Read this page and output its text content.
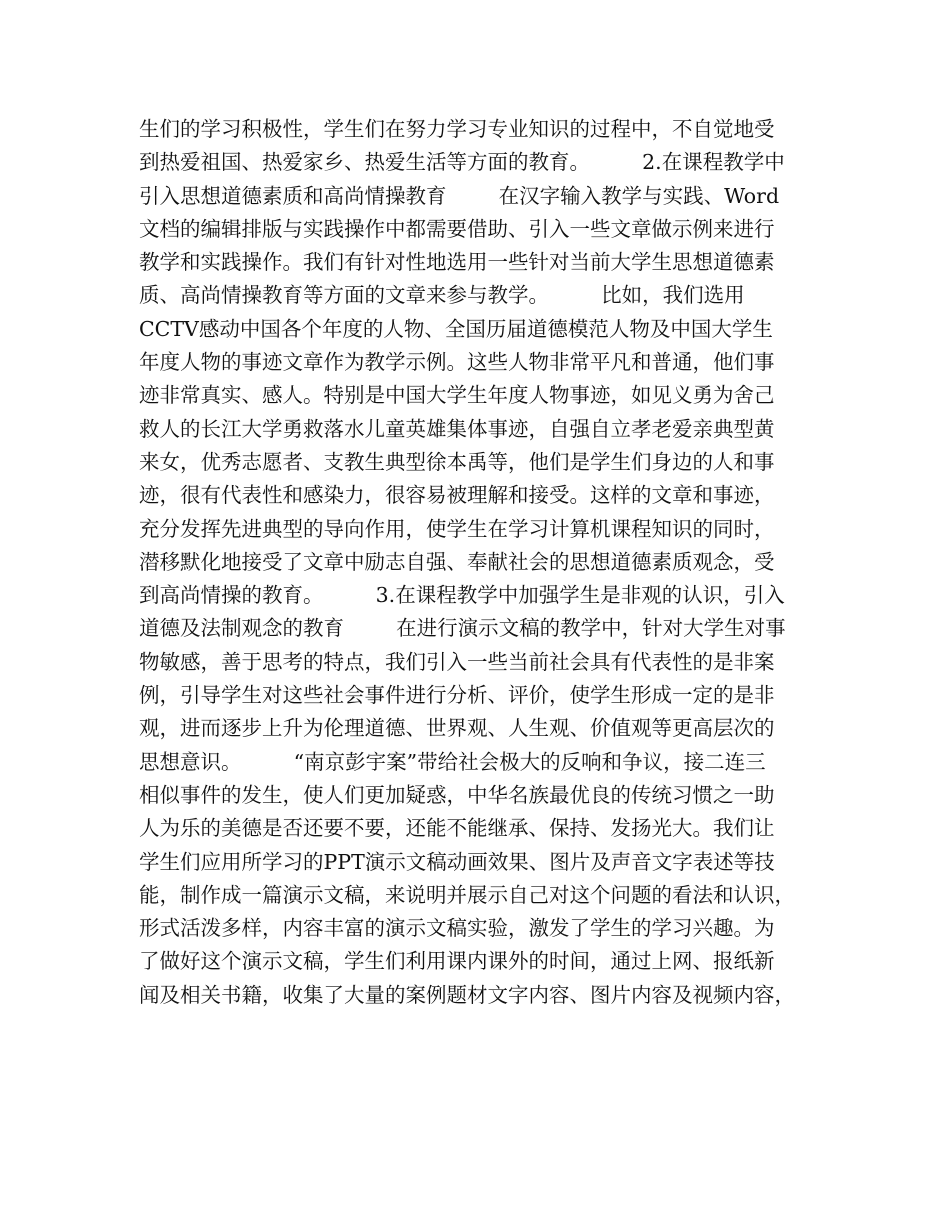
生们的学习积极性，学生们在努力学习专业知识的过程中，不自觉地受
到热爱祖国、热爱家乡、热爱生活等方面的教育。        2.在课程教学中
引入思想道德素质和高尚情操教育        在汉字输入教学与实践、Word
文档的编辑排版与实践操作中都需要借助、引入一些文章做示例来进行
教学和实践操作。我们有针对性地选用一些针对当前大学生思想道德素
质、高尚情操教育等方面的文章来参与教学。        比如，我们选用
CCTV感动中国各个年度的人物、全国历届道德模范人物及中国大学生
年度人物的事迹文章作为教学示例。这些人物非常平凡和普通，他们事
迹非常真实、感人。特别是中国大学生年度人物事迹，如见义勇为舍己
救人的长江大学勇救落水儿童英雄集体事迹，自强自立孝老爱亲典型黄
来女，优秀志愿者、支教生典型徐本禹等，他们是学生们身边的人和事
迹，很有代表性和感染力，很容易被理解和接受。这样的文章和事迹，
充分发挥先进典型的导向作用，使学生在学习计算机课程知识的同时，
潜移默化地接受了文章中励志自强、奉献社会的思想道德素质观念，受
到高尚情操的教育。        3.在课程教学中加强学生是非观的认识，引入
道德及法制观念的教育        在进行演示文稿的教学中，针对大学生对事
物敏感，善于思考的特点，我们引入一些当前社会具有代表性的是非案
例，引导学生对这些社会事件进行分析、评价，使学生形成一定的是非
观，进而逐步上升为伦理道德、世界观、人生观、价值观等更高层次的
思想意识。        “南京彭宇案”带给社会极大的反响和争议，接二连三
相似事件的发生，使人们更加疑惑，中华名族最优良的传统习惯之一助
人为乐的美德是否还要不要，还能不能继承、保持、发扬光大。我们让
学生们应用所学习的PPT演示文稿动画效果、图片及声音文字表述等技
能，制作成一篇演示文稿，来说明并展示自己对这个问题的看法和认识，
形式活泼多样，内容丰富的演示文稿实验，激发了学生的学习兴趣。为
了做好这个演示文稿，学生们利用课内课外的时间，通过上网、报纸新
闻及相关书籍，收集了大量的案例题材文字内容、图片内容及视频内容，
